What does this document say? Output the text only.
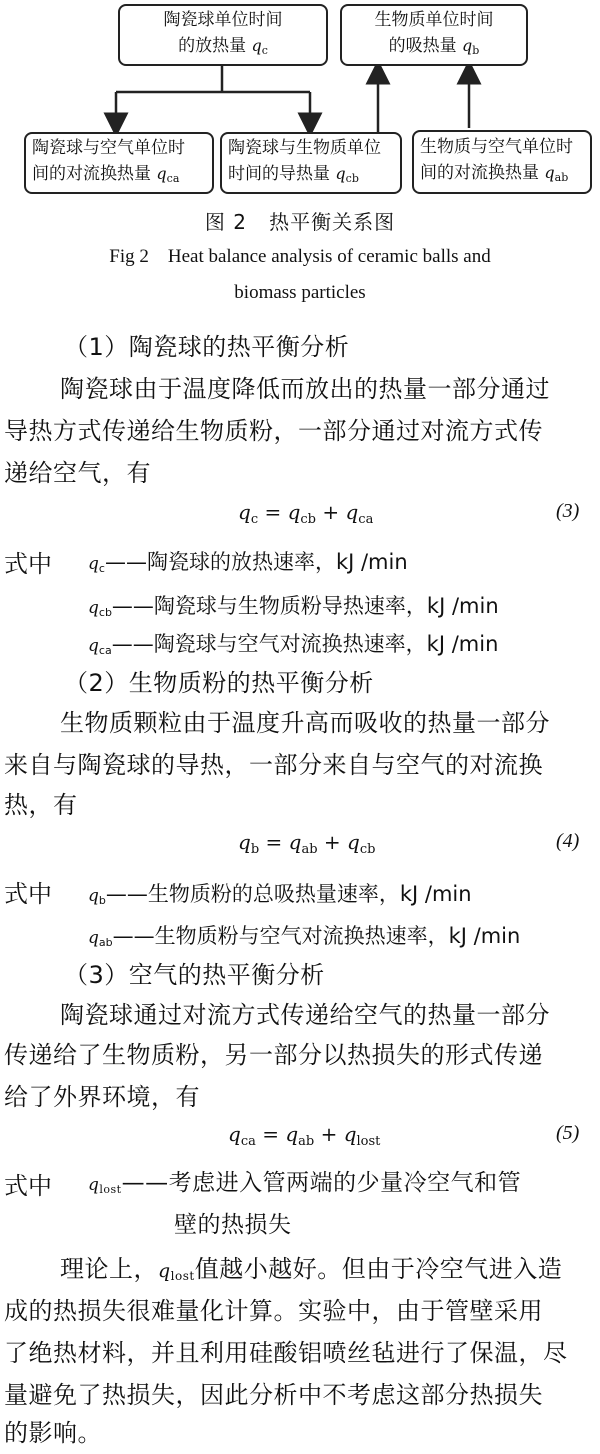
陶瓷球单位时间
的放热量 $q_c$
生物质单位时间
的吸热量 $q_b$
陶瓷球与空气单位时
间的对流换热量 $q_{ca}$
陶瓷球与生物质单位
时间的导热量 $q_{cb}$
生物质与空气单位时
间的对流换热量 $q_{ab}$
图 2   热平衡关系图
Fig 2    Heat balance analysis of ceramic balls and
biomass particles
（1）陶瓷球的热平衡分析
陶瓷球由于温度降低而放出的热量一部分通过
导热方式传递给生物质粉，一部分通过对流方式传
递给空气，有
$q_c = q_{cb} + q_{ca}$	(3)
式中 qc——陶瓷球的放热速率，kJ /min
qcb——陶瓷球与生物质粉导热速率，kJ /min
qca——陶瓷球与空气对流换热速率，kJ /min
（2）生物质粉的热平衡分析
生物质颗粒由于温度升高而吸收的热量一部分
来自与陶瓷球的导热，一部分来自与空气的对流换
热，有
$q_b = q_{ab} + q_{cb}$	(4)
式中 qb——生物质粉的总吸热量速率，kJ /min
qab——生物质粉与空气对流换热速率，kJ /min
（3）空气的热平衡分析
陶瓷球通过对流方式传递给空气的热量一部分
传递给了生物质粉，另一部分以热损失的形式传递
给了外界环境，有
$q_{ca} = q_{ab} + q_{lost}$	(5)
式中 qlost——考虑进入管两端的少量冷空气和管
壁的热损失
理论上，qlost值越小越好。但由于冷空气进入造
成的热损失很难量化计算。实验中，由于管壁采用
了绝热材料，并且利用硅酸铝喷丝毡进行了保温，尽
量避免了热损失，因此分析中不考虑这部分热损失
的影响。
